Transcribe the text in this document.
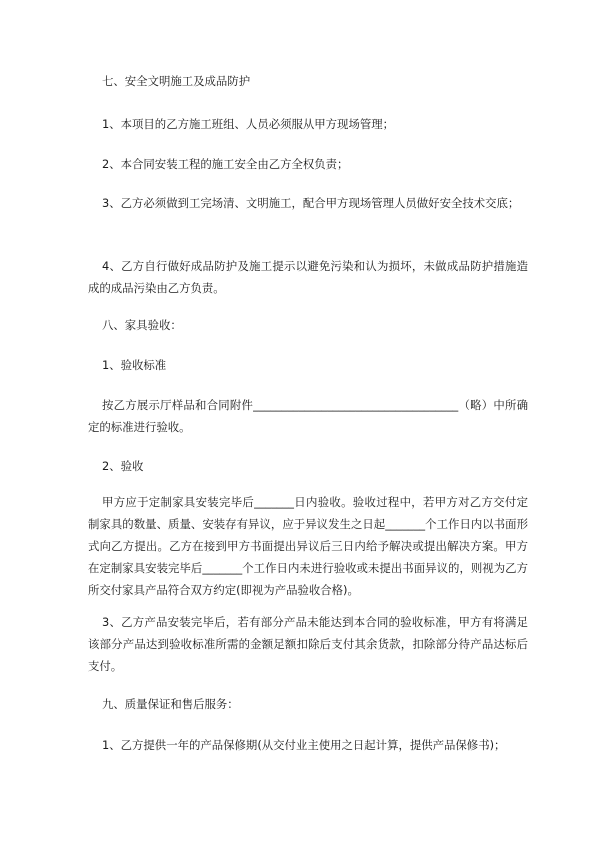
七、安全文明施工及成品防护
1、本项目的乙方施工班组、人员必须服从甲方现场管理；
2、本合同安装工程的施工安全由乙方全权负责；
3、乙方必须做到工完场清、文明施工，配合甲方现场管理人员做好安全技术交底；
4、乙方自行做好成品防护及施工提示以避免污染和认为损坏，未做成品防护措施造成的成品污染由乙方负责。
八、家具验收：
1、验收标准
按乙方展示厅样品和合同附件____________________________________（略）中所确定的标准进行验收。
2、验收
甲方应于定制家具安装完毕后_______日内验收。验收过程中，若甲方对乙方交付定制家具的数量、质量、安装存有异议，应于异议发生之日起_______个工作日内以书面形式向乙方提出。乙方在接到甲方书面提出异议后三日内给予解决或提出解决方案。甲方在定制家具安装完毕后_______个工作日内未进行验收或未提出书面异议的，则视为乙方所交付家具产品符合双方约定(即视为产品验收合格)。
3、乙方产品安装完毕后，若有部分产品未能达到本合同的验收标准，甲方有将满足该部分产品达到验收标准所需的金额足额扣除后支付其余货款，扣除部分待产品达标后支付。
九、质量保证和售后服务：
1、乙方提供一年的产品保修期(从交付业主使用之日起计算，提供产品保修书)；
